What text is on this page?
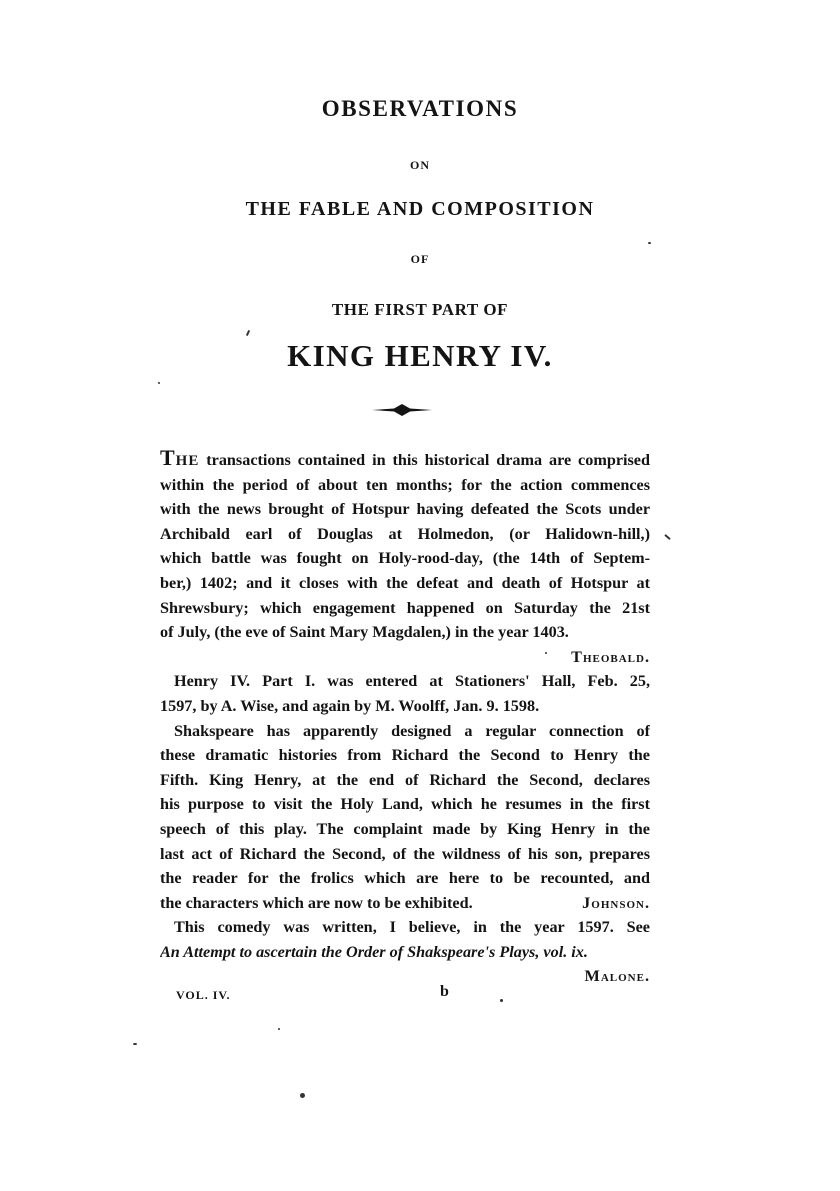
OBSERVATIONS
ON
THE FABLE AND COMPOSITION
OF
THE FIRST PART OF
KING HENRY IV.
The transactions contained in this historical drama are comprised
within the period of about ten months; for the action commences
with the news brought of Hotspur having defeated the Scots under
Archibald earl of Douglas at Holmedon, (or Halidown-hill,)
which battle was fought on Holy-rood-day, (the 14th of Septem-
ber,) 1402; and it closes with the defeat and death of Hotspur at
Shrewsbury; which engagement happened on Saturday the 21st
of July, (the eve of Saint Mary Magdalen,) in the year 1403.
Theobald.
Henry IV. Part I. was entered at Stationers' Hall, Feb. 25,
1597, by A. Wise, and again by M. Woolff, Jan. 9. 1598.
Shakspeare has apparently designed a regular connection of
these dramatic histories from Richard the Second to Henry the
Fifth. King Henry, at the end of Richard the Second, declares
his purpose to visit the Holy Land, which he resumes in the first
speech of this play. The complaint made by King Henry in the
last act of Richard the Second, of the wildness of his son, prepares
the reader for the frolics which are here to be recounted, and
the characters which are now to be exhibited.	Johnson.
This comedy was written, I believe, in the year 1597. See
An Attempt to ascertain the Order of Shakspeare's Plays, vol. ix.
Malone.
VOL. IV.	b
